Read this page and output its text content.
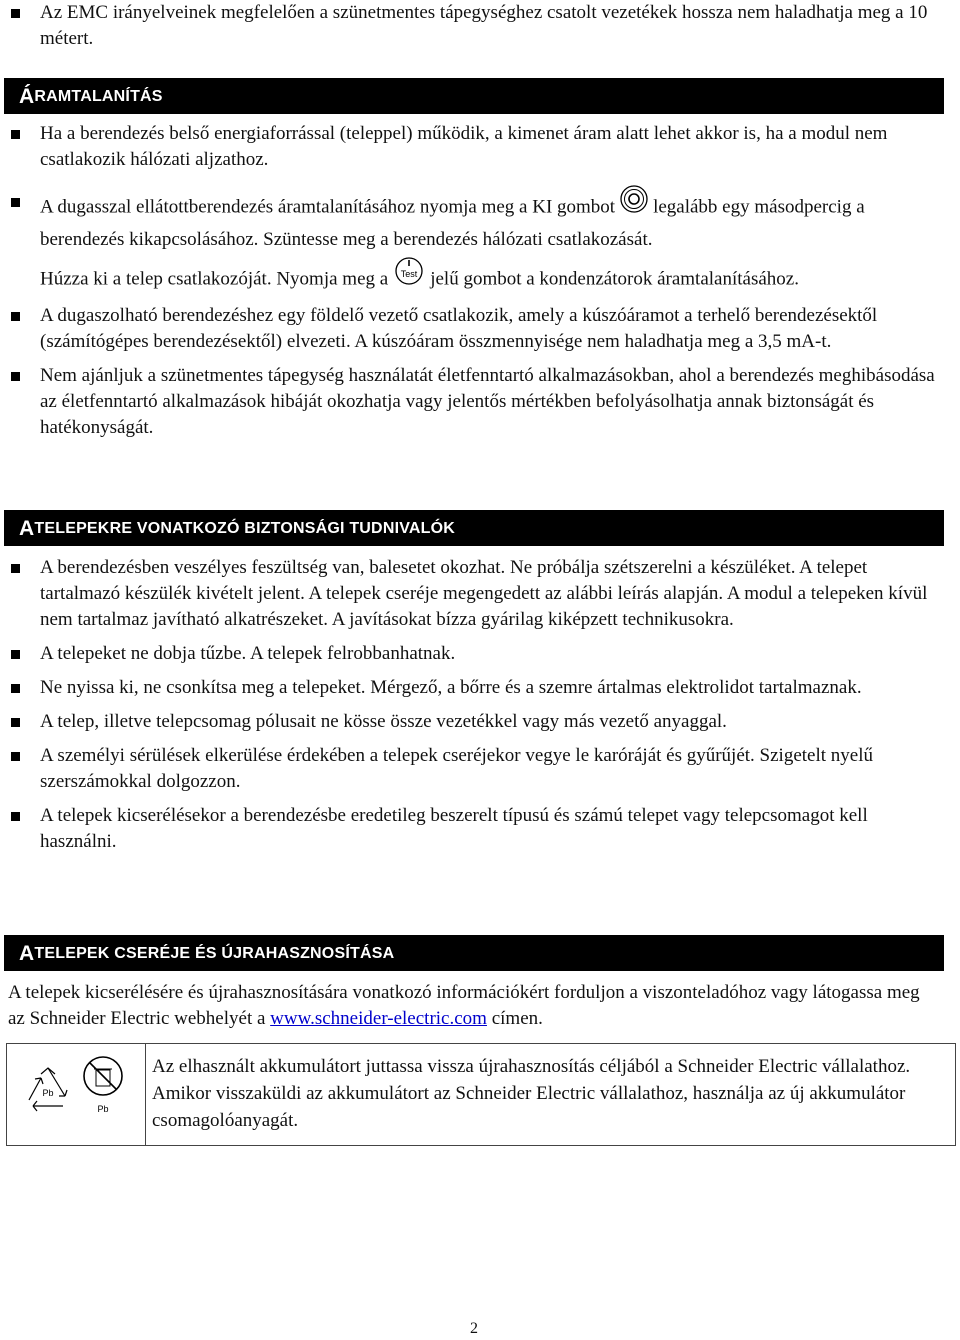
Az EMC irányelveinek megfelelően a szünetmentes tápegységhez csatolt vezetékek hossza nem haladhatja meg a 10 métert.
Á RAMTALANÍTÁS
Ha a berendezés belső energiaforrással (teleppel) működik, a kimenet áram alatt lehet akkor is, ha a modul nem csatlakozik hálózati aljzathoz.
A dugasszal ellátottberendezés áramtalanításához nyomja meg a KI gombot legalább egy másodpercig a berendezés kikapcsolásához. Szüntesse meg a berendezés hálózati csatlakozását.
Húzza ki a telep csatlakozóját. Nyomja meg a Test jelű gombot a kondenzátorok áramtalanításához.
A dugaszolható berendezéshez egy földelő vezető csatlakozik, amely a kúszóáramot a terhelő berendezésektől (számítógépes berendezésektől) elvezeti. A kúszóáram összmennyisége nem haladhatja meg a 3,5 mA-t.
Nem ajánljuk a szünetmentes tápegység használatát életfenntartó alkalmazásokban, ahol a berendezés meghibásodása az életfenntartó alkalmazások hibáját okozhatja vagy jelentős mértékben befolyásolhatja annak biztonságát és hatékonyságát.
A TELEPEKRE VONATKOZÓ BIZTONSÁGI TUDNIVALÓK
A berendezésben veszélyes feszültség van, balesetet okozhat. Ne próbálja szétszerelni a készüléket. A telepet tartalmazó készülék kivételt jelent. A telepek cseréje megengedett az alábbi leírás alapján. A modul a telepeken kívül nem tartalmaz javítható alkatrészeket. A javításokat bízza gyárilag kiképzett technikusokra.
A telepeket ne dobja tűzbe. A telepek felrobbanhatnak.
Ne nyissa ki, ne csonkítsa meg a telepeket. Mérgező, a bőrre és a szemre ártalmas elektrolidot tartalmaznak.
A telep, illetve telepcsomag pólusait ne kösse össze vezetékkel vagy más vezető anyaggal.
A személyi sérülések elkerülése érdekében a telepek cseréjekor vegye le karóráját és gyűrűjét. Szigetelt nyelű szerszámokkal dolgozzon.
A telepek kicserélésekor a berendezésbe eredetileg beszerelt típusú és számú telepet vagy telepcsomagot kell használni.
A TELEPEK CSERÉJE ÉS ÚJRAHASZNOSÍTÁSA
A telepek kicserélésére és újrahasznosítására vonatkozó információkért forduljon a viszonteladóhoz vagy látogassa meg az Schneider Electric webhelyét a www.schneider-electric.com címen.
Pb
Pb
Az elhasznált akkumulátort juttassa vissza újrahasznosítás céljából a Schneider Electric vállalathoz. Amikor visszaküldi az akkumulátort az Schneider Electric vállalathoz, használja az új akkumulátor csomagolóanyagát.
2
